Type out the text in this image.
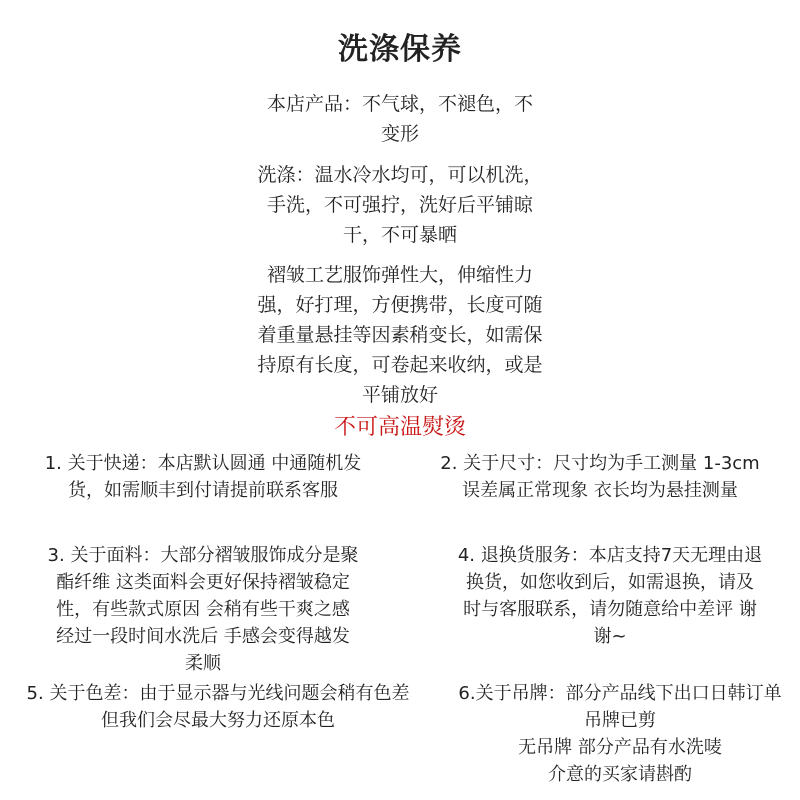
洗涤保养
本店产品：不气球，不褪色，不
变形
洗涤：温水冷水均可，可以机洗，
手洗，不可强拧，洗好后平铺晾
干，不可暴晒
褶皱工艺服饰弹性大，伸缩性力
强，好打理，方便携带，长度可随
着重量悬挂等因素稍变长，如需保
持原有长度，可卷起来收纳，或是
平铺放好
不可高温熨烫
1. 关于快递：本店默认圆通 中通随机发
货，如需顺丰到付请提前联系客服
2. 关于尺寸：尺寸均为手工测量 1-3cm
误差属正常现象 衣长均为悬挂测量
3. 关于面料：大部分褶皱服饰成分是聚
酯纤维 这类面料会更好保持褶皱稳定
性，有些款式原因 会稍有些干爽之感
经过一段时间水洗后 手感会变得越发
柔顺
4. 退换货服务：本店支持7天无理由退
换货，如您收到后，如需退换，请及
时与客服联系，请勿随意给中差评 谢
谢~
5. 关于色差：由于显示器与光线问题会稍有色差
但我们会尽最大努力还原本色
6.关于吊牌：部分产品线下出口日韩订单
吊牌已剪
无吊牌 部分产品有水洗唛
介意的买家请斟酌
